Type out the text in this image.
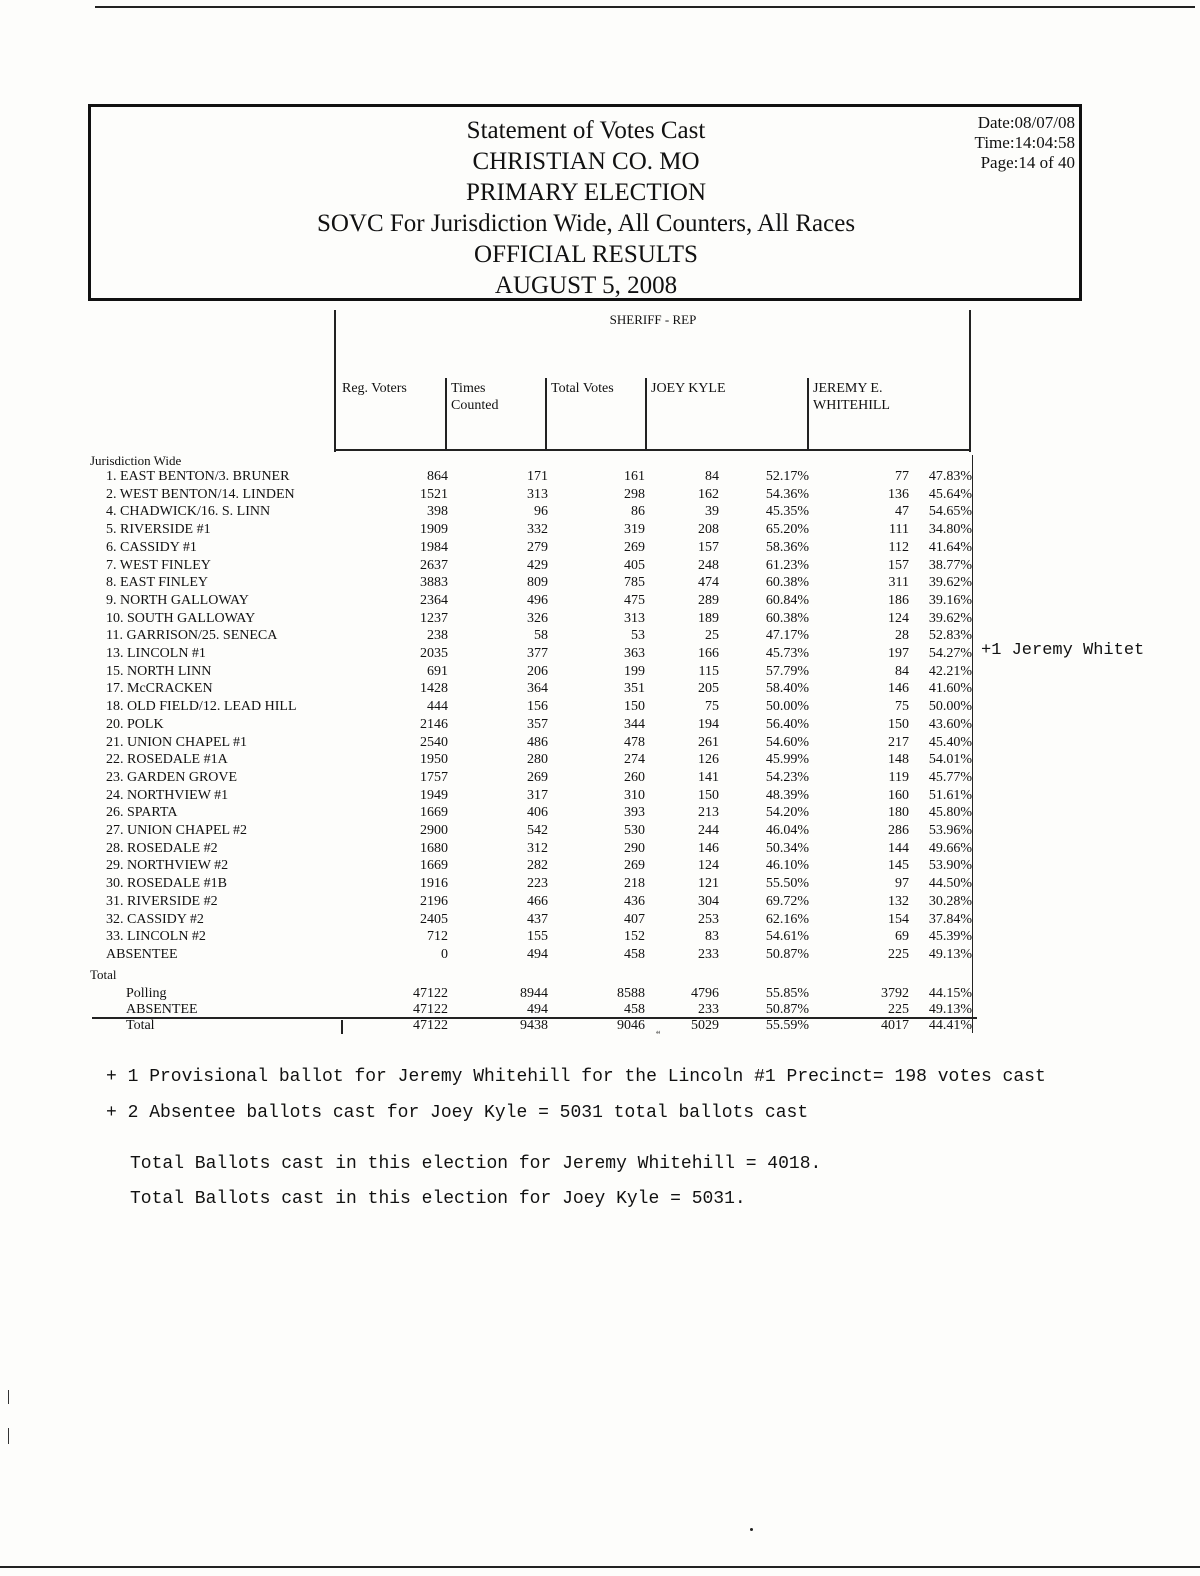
Statement of Votes Cast
CHRISTIAN CO. MO
PRIMARY ELECTION
SOVC For Jurisdiction Wide, All Counters, All Races
OFFICIAL RESULTS
AUGUST 5, 2008
Date:08/07/08
Time:14:04:58
Page:14 of 40
SHERIFF - REP
Reg. Voters	Times
Counted
Total Votes	JOEY KYLE	JEREMY E.
WHITEHILL
Jurisdiction Wide
1. EAST BENTON/3. BRUNER	864	171	161	84	52.17%	77 47.83%
2. WEST BENTON/14. LINDEN	1521	313	298	162	54.36%	136 45.64%
4. CHADWICK/16. S. LINN	398	96	86	39	45.35%	47 54.65%
5. RIVERSIDE #1	1909	332	319	208	65.20%	111 34.80%
6. CASSIDY #1	1984	279	269	157	58.36%	112 41.64%
7. WEST FINLEY	2637	429	405	248	61.23%	157 38.77%
8. EAST FINLEY	3883	809	785	474	60.38%	311 39.62%
9. NORTH GALLOWAY	2364	496	475	289	60.84%	186 39.16%
10. SOUTH GALLOWAY	1237	326	313	189	60.38%	124 39.62%
11. GARRISON/25. SENECA	238	58	53	25	47.17%	28 52.83%
13. LINCOLN #1	2035	377	363	166	45.73%	197 54.27%
15. NORTH LINN	691	206	199	115	57.79%	84 42.21%
17. McCRACKEN	1428	364	351	205	58.40%	146 41.60%
18. OLD FIELD/12. LEAD HILL	444	156	150	75	50.00%	75 50.00%
20. POLK	2146	357	344	194	56.40%	150 43.60%
21. UNION CHAPEL #1	2540	486	478	261	54.60%	217 45.40%
22. ROSEDALE #1A	1950	280	274	126	45.99%	148 54.01%
23. GARDEN GROVE	1757	269	260	141	54.23%	119 45.77%
24. NORTHVIEW #1	1949	317	310	150	48.39%	160 51.61%
26. SPARTA	1669	406	393	213	54.20%	180 45.80%
27. UNION CHAPEL #2	2900	542	530	244	46.04%	286 53.96%
28. ROSEDALE #2	1680	312	290	146	50.34%	144 49.66%
29. NORTHVIEW #2	1669	282	269	124	46.10%	145 53.90%
30. ROSEDALE #1B	1916	223	218	121	55.50%	97 44.50%
31. RIVERSIDE #2	2196	466	436	304	69.72%	132 30.28%
32. CASSIDY #2	2405	437	407	253	62.16%	154 37.84%
33. LINCOLN #2	712	155	152	83	54.61%	69 45.39%
ABSENTEE	0	494	458	233	50.87%	225 49.13%
Polling	47122	8944	8588	4796	55.85%	3792 44.15%
ABSENTEE	47122	494	458	233	50.87%	225 49.13%
Total	47122	9438	9046	5029	55.59%	4017 44.41%
Total
“
+1 Jeremy Whitet
+ 1 Provisional ballot for Jeremy Whitehill for the Lincoln #1 Precinct= 198 votes cast
+ 2 Absentee ballots cast for Joey Kyle = 5031 total ballots cast
Total Ballots cast in this election for Jeremy Whitehill = 4018.
Total Ballots cast in this election for Joey Kyle = 5031.
